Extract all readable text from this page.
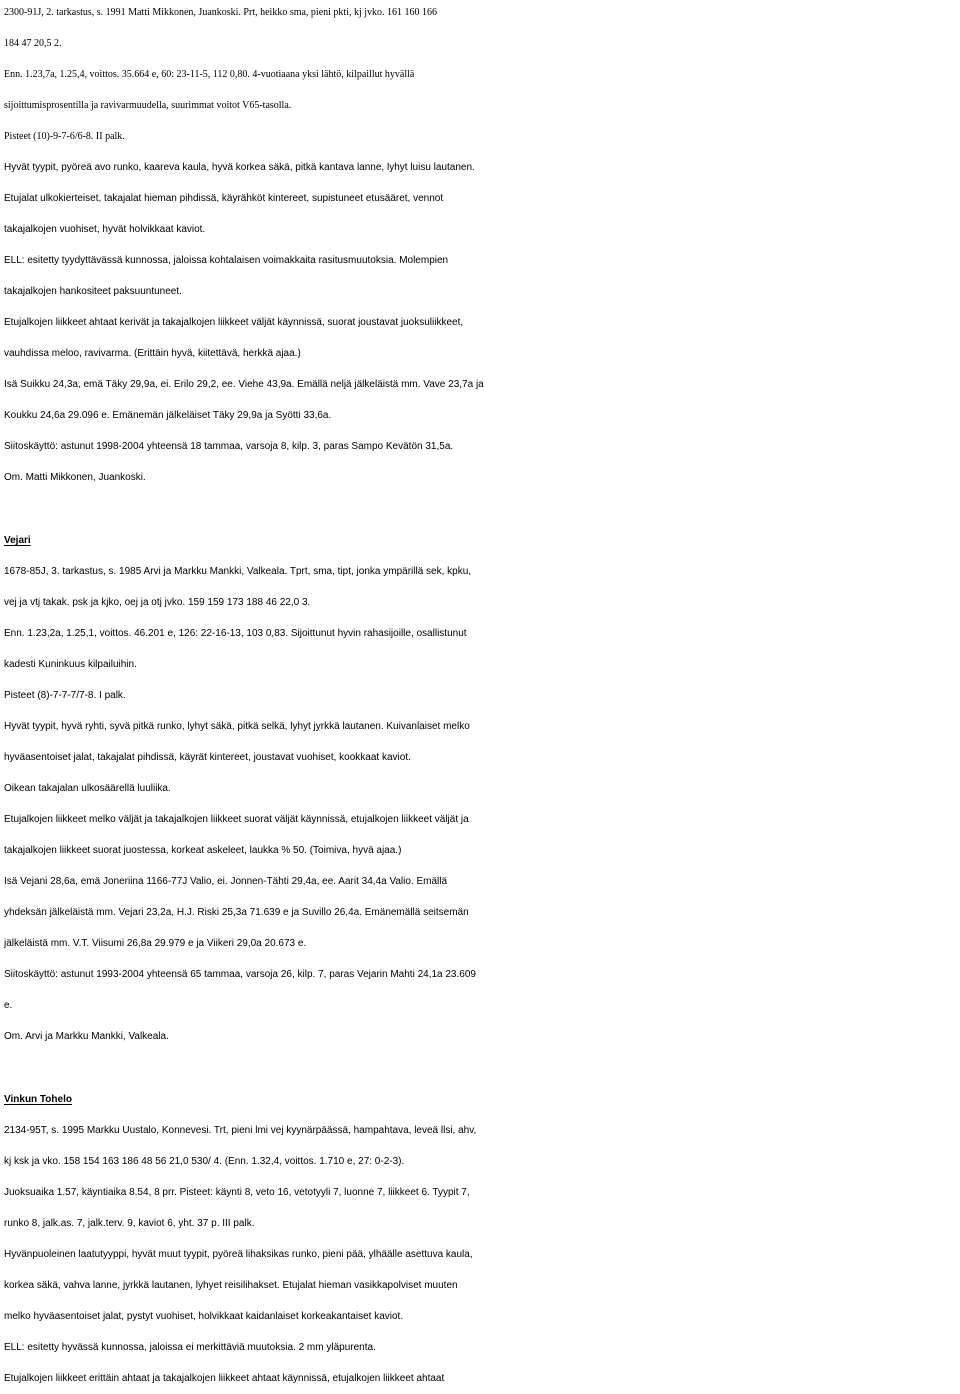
2300-91J, 2. tarkastus, s. 1991 Matti Mikkonen, Juankoski. Prt, heikko sma, pieni pkti, kj jvko. 161 160 166
184 47 20,5 2.
Enn. 1.23,7a, 1.25,4, voittos. 35.664 e, 60: 23-11-5, 112 0,80. 4-vuotiaana yksi lähtö, kilpaillut hyvällä
sijoittumisprosentilla ja ravivarmuudella, suurimmat voitot V65-tasolla.
Pisteet (10)-9-7-6/6-8. II palk.
Hyvät tyypit, pyöreä avo runko, kaareva kaula, hyvä korkea säkä, pitkä kantava lanne, lyhyt luisu lautanen.
Etujalat ulkokierteiset, takajalat hieman pihdissä, käyrähköt kintereet, supistuneet etusääret, vennot
takajalkojen vuohiset, hyvät holvikkaat kaviot.
ELL: esitetty tyydyttävässä kunnossa, jaloissa kohtalaisen voimakkaita rasitusmuutoksia. Molempien
takajalkojen hankositeet paksuuntuneet.
Etujalkojen liikkeet ahtaat kerivät ja takajalkojen liikkeet väljät käynnissä, suorat joustavat juoksuliikkeet,
vauhdissa meloo, ravivarma. (Erittäin hyvä, kiitettävä, herkkä ajaa.)
Isä Suikku 24,3a, emä Täky 29,9a, ei. Erilo 29,2, ee. Viehe 43,9a. Emällä neljä jälkeläistä mm. Vave 23,7a ja
Koukku 24,6a 29.096 e. Emänemän jälkeläiset Täky 29,9a ja Syötti 33,6a.
Siitoskäyttö: astunut 1998-2004 yhteensä 18 tammaa, varsoja 8, kilp. 3, paras Sampo Kevätön 31,5a.
Om. Matti Mikkonen, Juankoski.
Vejari
1678-85J, 3. tarkastus, s. 1985 Arvi ja Markku Mankki, Valkeala. Tprt, sma, tipt, jonka ympärillä sek, kpku,
vej ja vtj takak. psk ja kjko, oej ja otj jvko. 159 159 173 188 46 22,0 3.
Enn. 1.23,2a, 1.25,1, voittos. 46.201 e, 126: 22-16-13, 103 0,83. Sijoittunut hyvin rahasijoille, osallistunut
kadesti Kuninkuus kilpailuihin.
Pisteet (8)-7-7-7/7-8. I palk.
Hyvät tyypit, hyvä ryhti, syvä pitkä runko, lyhyt säkä, pitkä selkä, lyhyt jyrkkä lautanen. Kuivanlaiset melko
hyväasentoiset jalat, takajalat pihdissä, käyrät kintereet, joustavat vuohiset, kookkaat kaviot.
Oikean takajalan ulkosäärellä luuliika.
Etujalkojen liikkeet melko väljät ja takajalkojen liikkeet suorat väljät käynnissä, etujalkojen liikkeet väljät ja
takajalkojen liikkeet suorat juostessa, korkeat askeleet, laukka % 50. (Toimiva, hyvä ajaa.)
Isä Vejani 28,6a, emä Joneriina 1166-77J Valio, ei. Jonnen-Tähti 29,4a, ee. Aarit 34,4a Valio. Emällä
yhdeksän jälkeläistä mm. Vejari 23,2a, H.J. Riski 25,3a 71.639 e ja Suvillo 26,4a. Emänemällä seitsemän
jälkeläistä mm. V.T. Viisumi 26,8a 29.979 e ja Viikeri 29,0a 20.673 e.
Siitoskäyttö: astunut 1993-2004 yhteensä 65 tammaa, varsoja 26, kilp. 7, paras Vejarin Mahti 24,1a 23.609
e.
Om. Arvi ja Markku Mankki, Valkeala.
Vinkun Tohelo
2134-95T, s. 1995 Markku Uustalo, Konnevesi. Trt, pieni lmi vej kyynärpäässä, hampahtava, leveä llsi, ahv,
kj ksk ja vko. 158 154 163 186 48 56 21,0 530/ 4. (Enn. 1.32,4, voittos. 1.710 e, 27: 0-2-3).
Juoksuaika 1.57, käyntiaika 8.54, 8 prr. Pisteet: käynti 8, veto 16, vetotyyli 7, luonne 7, liikkeet 6. Tyypit 7,
runko 8, jalk.as. 7, jalk.terv. 9, kaviot 6, yht. 37 p. III palk.
Hyvänpuoleinen laatutyyppi, hyvät muut tyypit, pyöreä lihaksikas runko, pieni pää, ylhäälle asettuva kaula,
korkea säkä, vahva lanne, jyrkkä lautanen, lyhyet reisilihakset. Etujalat hieman vasikkapolviset muuten
melko hyväasentoiset jalat, pystyt vuohiset, holvikkaat kaidanlaiset korkeakantaiset kaviot.
ELL: esitetty hyvässä kunnossa, jaloissa ei merkittäviä muutoksia. 2 mm yläpurenta.
Etujalkojen liikkeet erittäin ahtaat ja takajalkojen liikkeet ahtaat käynnissä, etujalkojen liikkeet ahtaat
